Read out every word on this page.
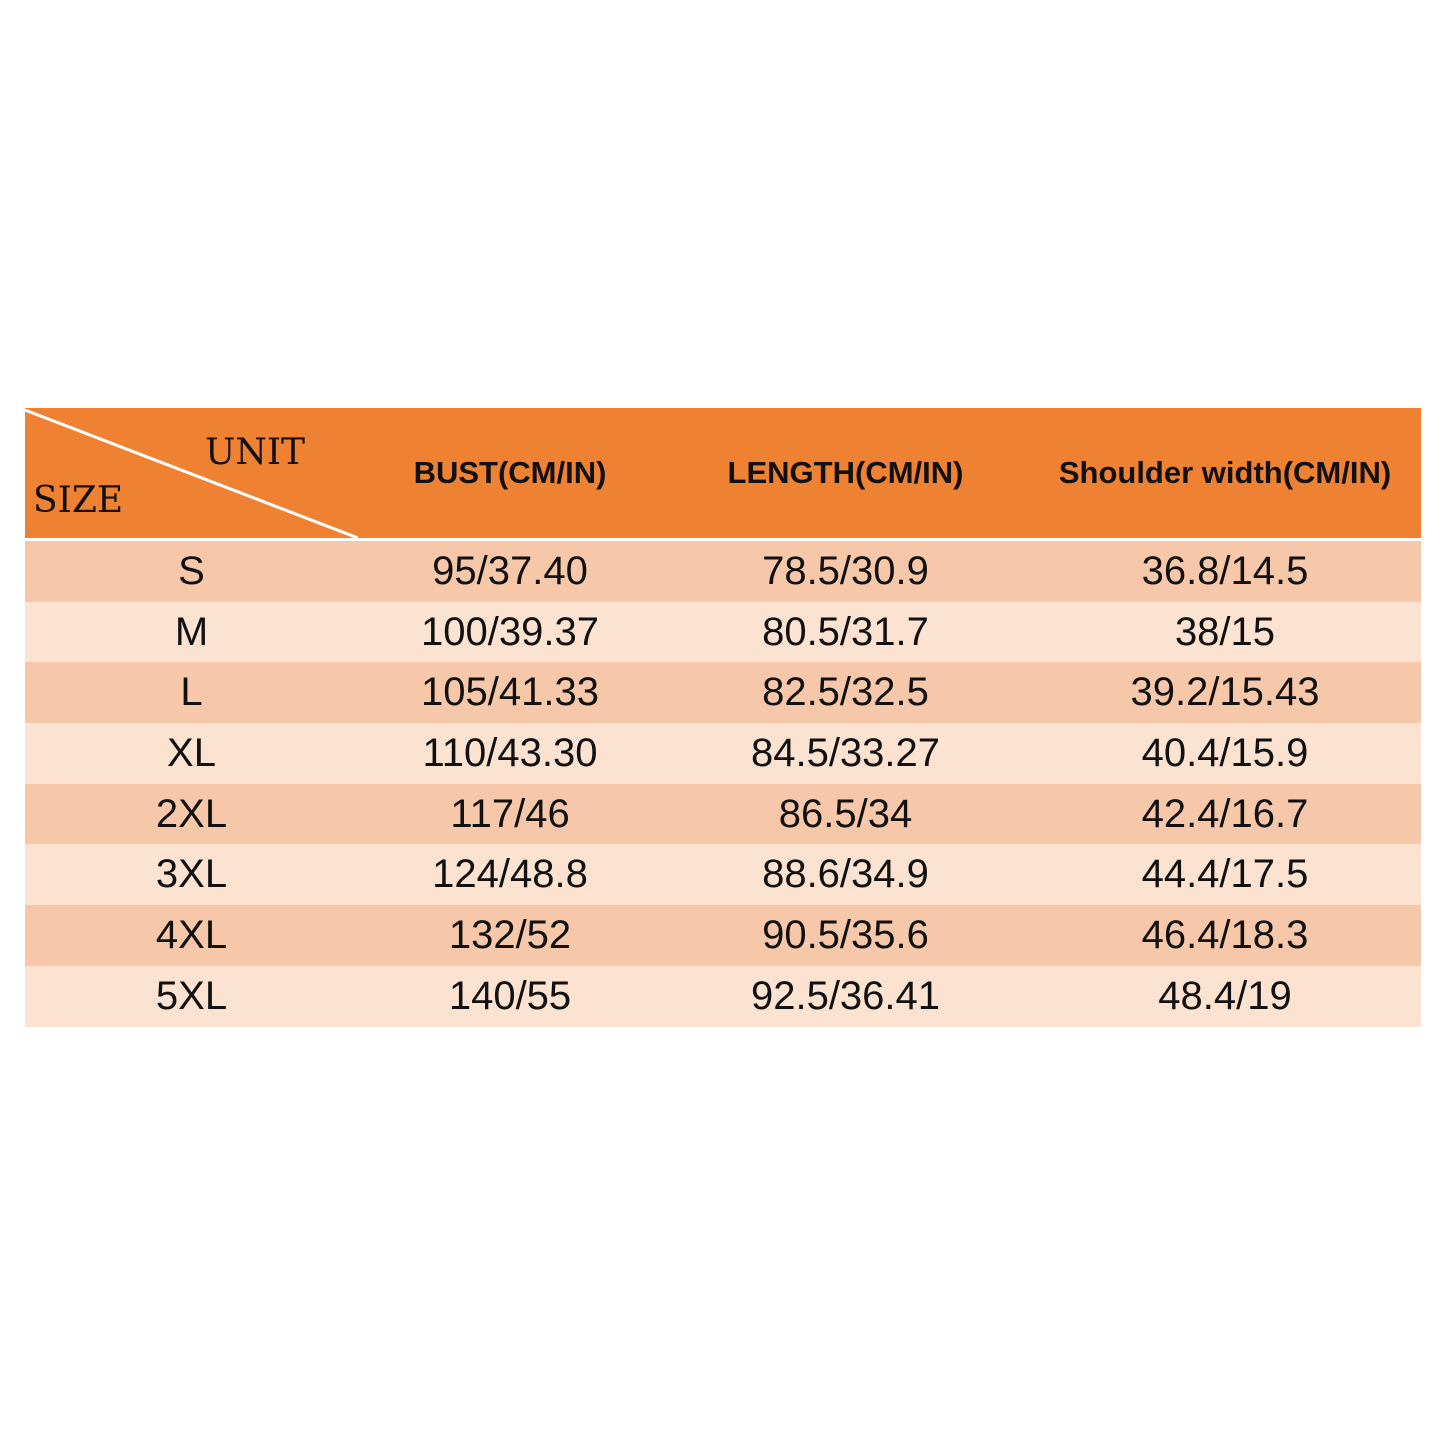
UNIT
SIZE
BUST(CM/IN)	LENGTH(CM/IN)	Shoulder width(CM/IN)
S	95/37.40	78.5/30.9	36.8/14.5
M	100/39.37	80.5/31.7	38/15
L	105/41.33	82.5/32.5	39.2/15.43
XL	110/43.30	84.5/33.27	40.4/15.9
2XL	117/46	86.5/34	42.4/16.7
3XL	124/48.8	88.6/34.9	44.4/17.5
4XL	132/52	90.5/35.6	46.4/18.3
5XL	140/55	92.5/36.41	48.4/19
